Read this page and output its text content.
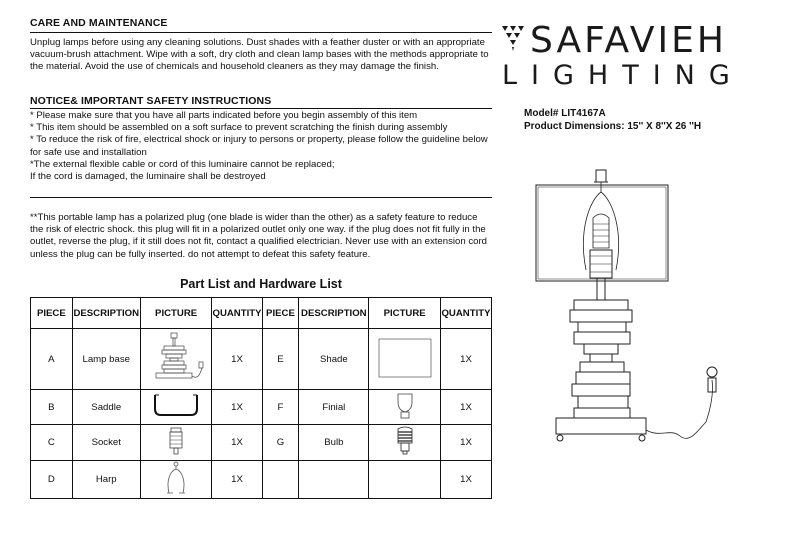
CARE AND MAINTENANCE

Unplug lamps before using any cleaning solutions. Dust shades with a feather duster or with an appropriate

vacuum-brush attachment. Wipe with a soft, dry cloth and clean lamp bases with the methods appropriate to

the material. Avoid the use of chemicals and household cleaners as they may damage the finish.

NOTICE& IMPORTANT SAFETY INSTRUCTIONS

* Please make sure that you have all parts indicated before you begin assembly of this item

* This item should be assembled on a soft surface to prevent scratching the finish during assembly

* To reduce the risk of fire, electrical shock or injury to persons or property, please follow the guideline below

for safe use and installation

*The external flexible cable or cord of this luminaire cannot be replaced;

If the cord is damaged, the luminaire shall be destroyed

**This portable lamp has a polarized plug (one blade is wider than the other) as a safety feature to reduce

the risk of electric shock. this plug will fit in a polarized outlet only one way. if the plug does not fit fully in the

outlet, reverse the plug, if it still does not fit, contact a qualified electrician. Never use with an extension cord

unless the plug can be fully inserted. do not attempt to defeat this safety feature.

SAFAVIEH
LIGHTING
Model# LIT4167A
Product Dimensions: 15'' X 8''X 26 ''H
Part List and Hardware List
PIECE	DESCRIPTION	PICTURE	QUANTITY	PIECE	DESCRIPTION	PICTURE	QUANTITY
A	Lamp base		1X	E	Shade		1X
B	Saddle		1X	F	Finial		1X
C	Socket		1X	G	Bulb		1X
D	Harp		1X				1X
